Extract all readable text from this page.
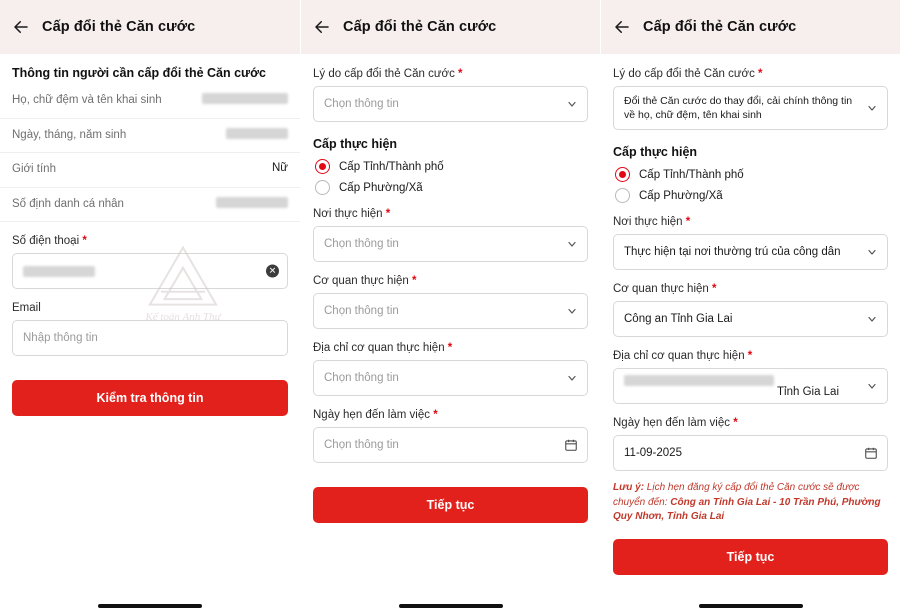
Cấp đổi thẻ Căn cước
Thông tin người cần cấp đổi thẻ Căn cước
Họ, chữ đệm và tên khai sinh
Ngày, tháng, năm sinh
Giới tính	Nữ
Số định danh cá nhân
Số điện thoại *
✕
Email
Nhập thông tin
Kiểm tra thông tin
Kế toán Anh Thư
Cấp đổi thẻ Căn cước
Lý do cấp đổi thẻ Căn cước *
Chọn thông tin
Cấp thực hiện
Cấp Tỉnh/Thành phố
Cấp Phường/Xã
Nơi thực hiện *
Chọn thông tin
Cơ quan thực hiện *
Chọn thông tin
Địa chỉ cơ quan thực hiện *
Chọn thông tin
Ngày hẹn đến làm việc *
Chọn thông tin
Tiếp tục
Cấp đổi thẻ Căn cước
Lý do cấp đổi thẻ Căn cước *
Đổi thẻ Căn cước do thay đổi, cải chính thông tin về họ, chữ đệm, tên khai sinh
Cấp thực hiện
Cấp Tỉnh/Thành phố
Cấp Phường/Xã
Nơi thực hiện *
Thực hiện tại nơi thường trú của công dân
Cơ quan thực hiện *
Công an Tỉnh Gia Lai
Địa chỉ cơ quan thực hiện *
Tỉnh Gia Lai
Ngày hẹn đến làm việc *
11-09-2025
Lưu ý: Lịch hẹn đăng ký cấp đổi thẻ Căn cước sẽ được chuyển đến: Công an Tỉnh Gia Lai - 10 Trần Phú, Phường Quy Nhơn, Tỉnh Gia Lai
Tiếp tục
